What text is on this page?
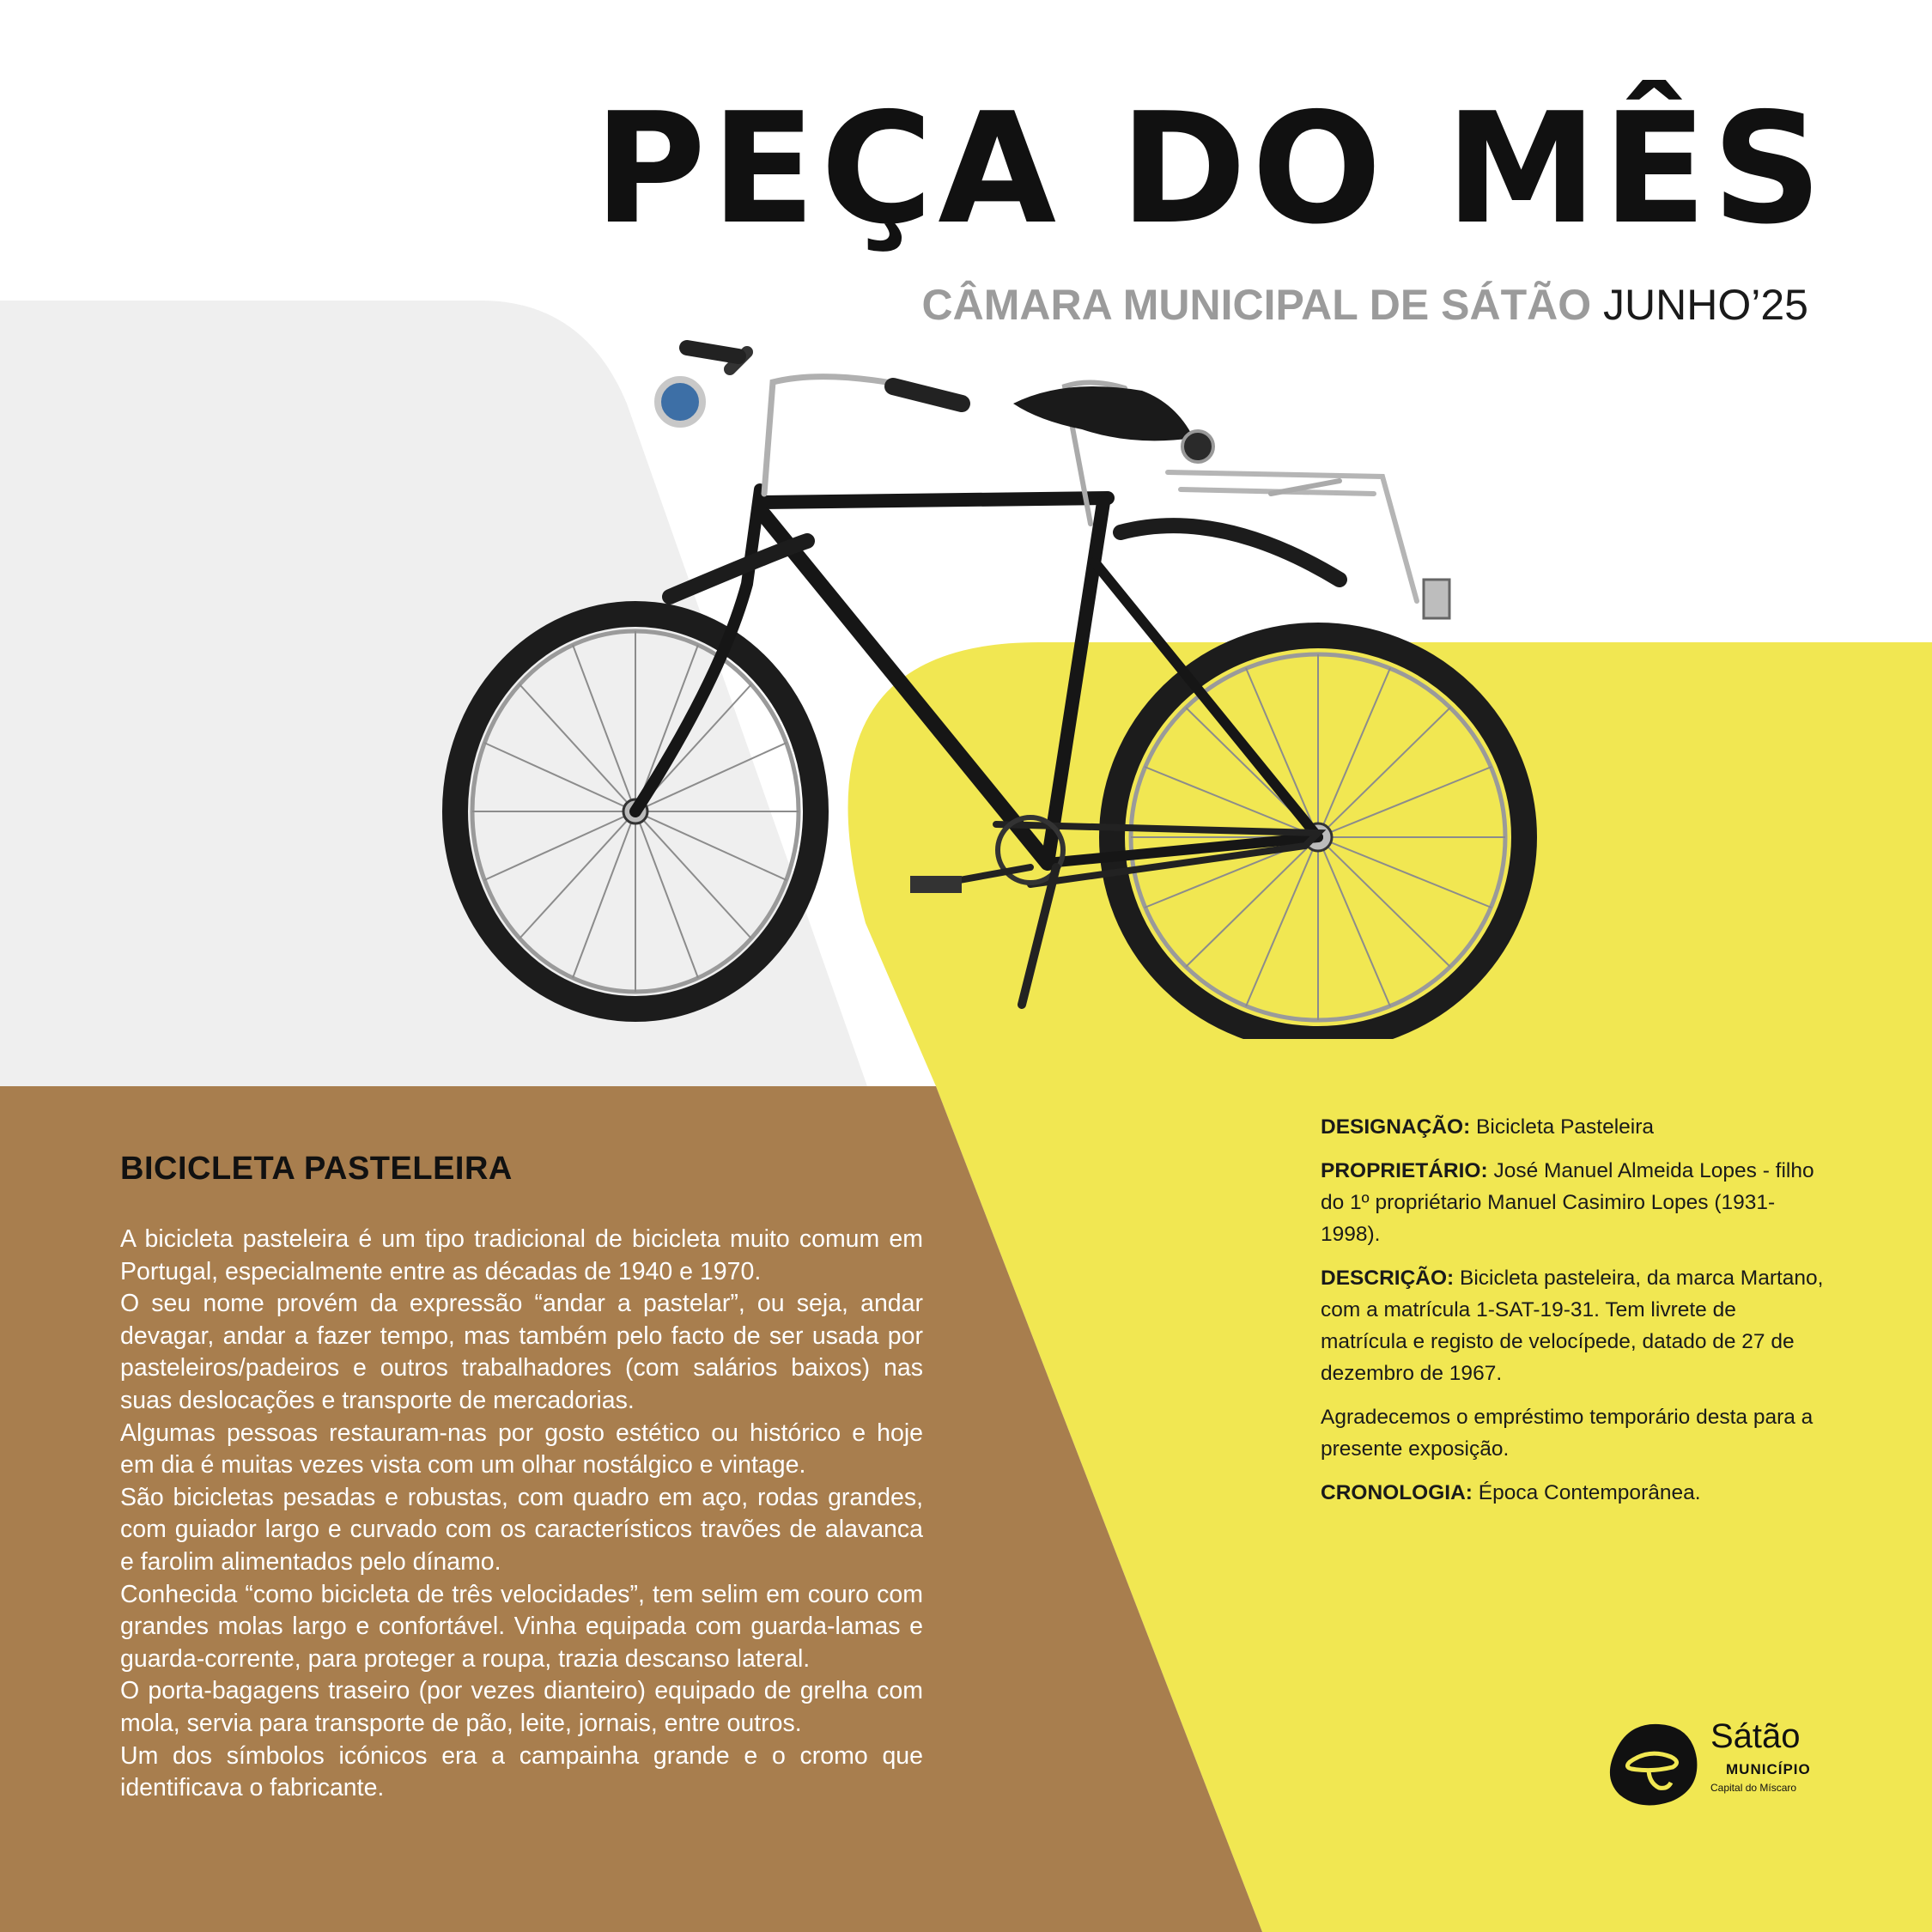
PEÇA DO MÊS
CÂMARA MUNICIPAL DE SÁTÃO JUNHO’25
BICICLETA PASTELEIRA

A bicicleta pasteleira é um tipo tradicional de bicicleta muito comum em Portugal, especialmente entre as décadas de 1940 e 1970.

O seu nome provém da expressão “andar a pastelar”, ou seja, andar devagar, andar a fazer tempo, mas também pelo facto de ser usada por pasteleiros/padeiros e outros trabalhadores (com salários baixos) nas suas deslocações e transporte de mercadorias.

Algumas pessoas restauram-nas por gosto estético ou histórico e hoje em dia é muitas vezes vista com um olhar nostálgico e vintage.

São bicicletas pesadas e robustas, com quadro em aço, rodas grandes, com guiador largo e curvado com os característicos travões de alavanca e farolim alimentados pelo dínamo.

Conhecida “como bicicleta de três velocidades”, tem selim em couro com grandes molas largo e confortável. Vinha equipada com guarda-lamas e guarda-corrente, para proteger a roupa, trazia descanso lateral.

O porta-bagagens traseiro (por vezes dianteiro) equipado de grelha com mola, servia para transporte de pão, leite, jornais, entre outros.

Um dos símbolos icónicos era a campainha grande e o cromo que identificava o fabricante.

DESIGNAÇÃO: Bicicleta Pasteleira

PROPRIETÁRIO: José Manuel Almeida Lopes - filho do 1º propriétario Manuel Casimiro Lopes (1931-1998).

DESCRIÇÃO: Bicicleta pasteleira, da marca Martano, com a matrícula 1-SAT-19-31. Tem livrete de matrícula e registo de velocípede, datado de 27 de dezembro de 1967.

Agradecemos o empréstimo temporário desta para a presente exposição.

CRONOLOGIA: Época Contemporânea.

Sátão
MUNICÍPIO
Capital do Míscaro
